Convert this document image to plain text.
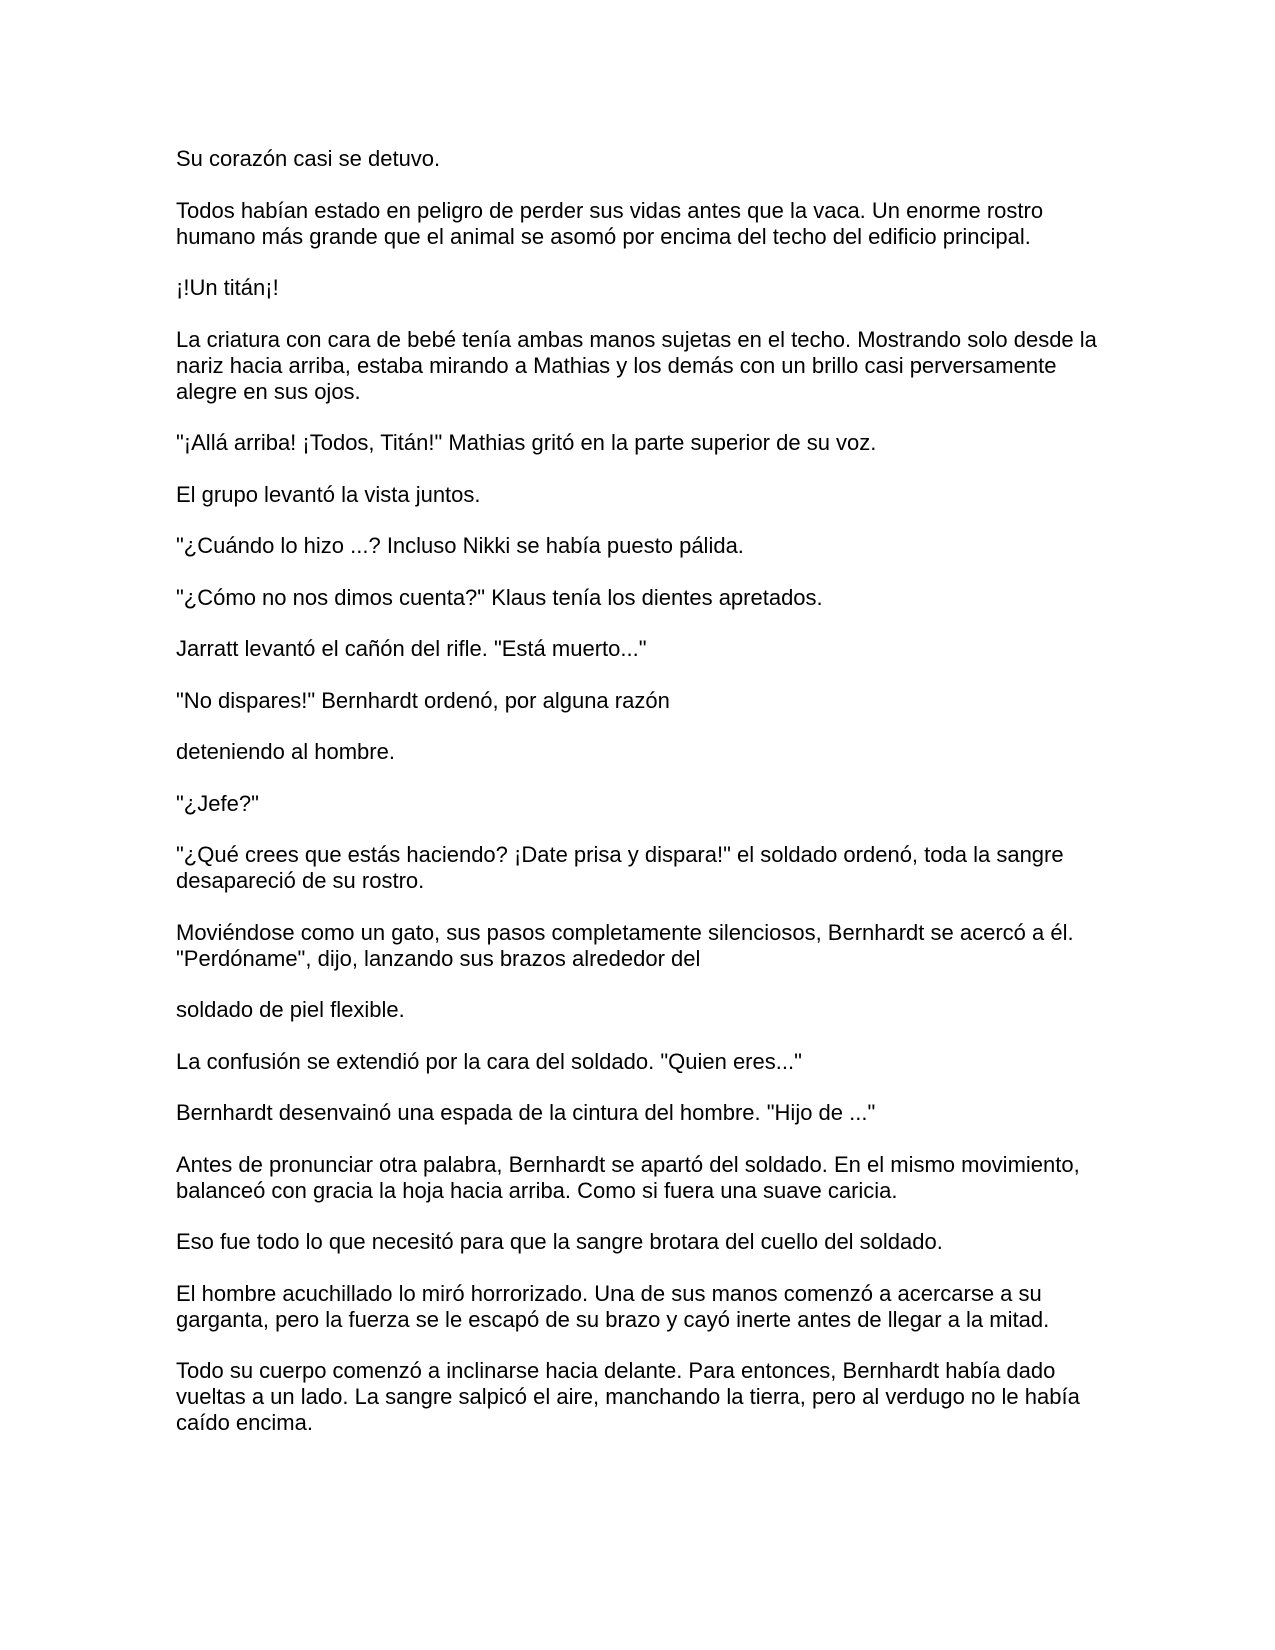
Su corazón casi se detuvo.

Todos habían estado en peligro de perder sus vidas antes que la vaca. Un enorme rostro humano más grande que el animal se asomó por encima del techo del edificio principal.

¡!Un titán¡!

La criatura con cara de bebé tenía ambas manos sujetas en el techo. Mostrando solo desde la nariz hacia arriba, estaba mirando a Mathias y los demás con un brillo casi perversamente alegre en sus ojos.

"¡Allá arriba! ¡Todos, Titán!" Mathias gritó en la parte superior de su voz.

El grupo levantó la vista juntos.

"¿Cuándo lo hizo ...? Incluso Nikki se había puesto pálida.

"¿Cómo no nos dimos cuenta?" Klaus tenía los dientes apretados.

Jarratt levantó el cañón del rifle. "Está muerto..."

"No dispares!" Bernhardt ordenó, por alguna razón

deteniendo al hombre.

"¿Jefe?"

"¿Qué crees que estás haciendo? ¡Date prisa y dispara!" el soldado ordenó, toda la sangre desapareció de su rostro.

Moviéndose como un gato, sus pasos completamente silenciosos, Bernhardt se acercó a él. "Perdóname", dijo, lanzando sus brazos alrededor del

soldado de piel flexible.

La confusión se extendió por la cara del soldado. "Quien eres..."

Bernhardt desenvainó una espada de la cintura del hombre. "Hijo de ..."

Antes de pronunciar otra palabra, Bernhardt se apartó del soldado. En el mismo movimiento, balanceó con gracia la hoja hacia arriba. Como si fuera una suave caricia.

Eso fue todo lo que necesitó para que la sangre brotara del cuello del soldado.

El hombre acuchillado lo miró horrorizado. Una de sus manos comenzó a acercarse a su garganta, pero la fuerza se le escapó de su brazo y cayó inerte antes de llegar a la mitad.

Todo su cuerpo comenzó a inclinarse hacia delante. Para entonces, Bernhardt había dado vueltas a un lado. La sangre salpicó el aire, manchando la tierra, pero al verdugo no le había caído encima.
